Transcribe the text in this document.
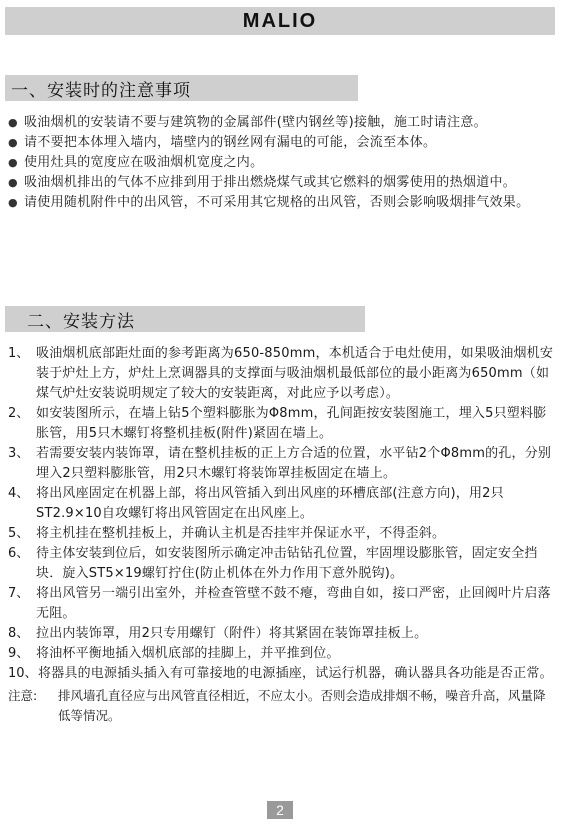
MALIO
一、安装时的注意事项
● 吸油烟机的安装请不要与建筑物的金属部件(壁内钢丝等)接触，施工时请注意。
● 请不要把本体埋入墙内，墙壁内的钢丝网有漏电的可能，会流至本体。
● 使用灶具的宽度应在吸油烟机宽度之内。
● 吸油烟机排出的气体不应排到用于排出燃烧煤气或其它燃料的烟雾使用的热烟道中。
● 请使用随机附件中的出风管，不可采用其它规格的出风管，否则会影响吸烟排气效果。
二、安装方法
1、 吸油烟机底部距灶面的参考距离为650-850mm，本机适合于电灶使用，如果吸油烟机安装于炉灶上方，炉灶上烹调器具的支撑面与吸油烟机最低部位的最小距离为650mm（如煤气炉灶安装说明规定了较大的安装距离，对此应予以考虑）。
2、 如安装图所示，在墙上钻5个塑料膨胀为Φ8mm，孔间距按安装图施工，埋入5只塑料膨胀管，用5只木螺钉将整机挂板(附件)紧固在墙上。
3、 若需要安装内装饰罩，请在整机挂板的正上方合适的位置，水平钻2个Φ8mm的孔，分别埋入2只塑料膨胀管，用2只木螺钉将装饰罩挂板固定在墙上。
4、 将出风座固定在机器上部，将出风管插入到出风座的环槽底部(注意方向)，用2只ST2.9×10自攻螺钉将出风管固定在出风座上。
5、 将主机挂在整机挂板上，并确认主机是否挂牢并保证水平，不得歪斜。
6、 待主体安装到位后，如安装图所示确定冲击钻钻孔位置，牢固埋设膨胀管，固定安全挡块．旋入ST5×19螺钉拧住(防止机体在外力作用下意外脱钩)。
7、 将出风管另一端引出室外，并检查管壁不鼓不瘪，弯曲自如，接口严密，止回阀叶片启落无阻。
8、 拉出内装饰罩，用2只专用螺钉（附件）将其紧固在装饰罩挂板上。
9、 将油杯平衡地插入烟机底部的挂脚上，并平推到位。
10、 将器具的电源插头插入有可靠接地的电源插座，试运行机器，确认器具各功能是否正常。
注意:	排风墙孔直径应与出风管直径相近，不应太小。否则会造成排烟不畅，噪音升高，风量降低等情况。
2
